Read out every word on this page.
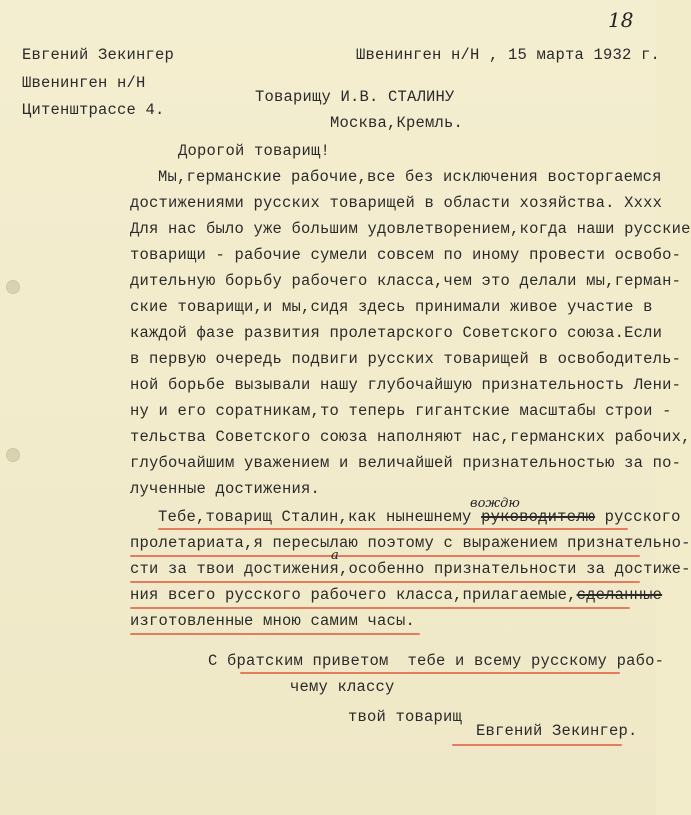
18
Евгений Зекингер
Швенинген н/Н
Цитенштрассе 4.
Швенинген н/Н , 15 марта 1932 г.
Товарищу И.В. СТАЛИНУ
Москва,Кремль.
Дорогой товарищ!
Мы,германские рабочие,все без исключения восторгаемся
достижениями русских товарищей в области хозяйства. Хххх
Для нас было уже большим удовлетворением,когда наши русские
товарищи - рабочие сумели совсем по иному провести освобо-
дительную борьбу рабочего класса,чем это делали мы,герман-
ские товарищи,и мы,сидя здесь принимали живое участие в
каждой фазе развития пролетарского Советского союза.Если
в первую очередь подвиги русских товарищей в освободитель-
ной борьбе вызывали нашу глубочайшую признательность Лени-
ну и его соратникам,то теперь гигантские масштабы строи -
тельства Советского союза наполняют нас,германских рабочих,
глубочайшим уважением и величайшей признательностью за по-
лученные достижения.
вождю
Тебе,товарищ Сталин,как нынешнему руководителю русского
пролетариата,я пересылаю поэтому с выражением признательно-
а
сти за твои достижения,особенно признательности за достиже-
ния всего русского рабочего класса,прилагаемые,сделанные
изготовленные мною самим часы.
С братским приветом  тебе и всему русскому рабо-
чему классу
твой товарищ
Евгений Зекингер.
